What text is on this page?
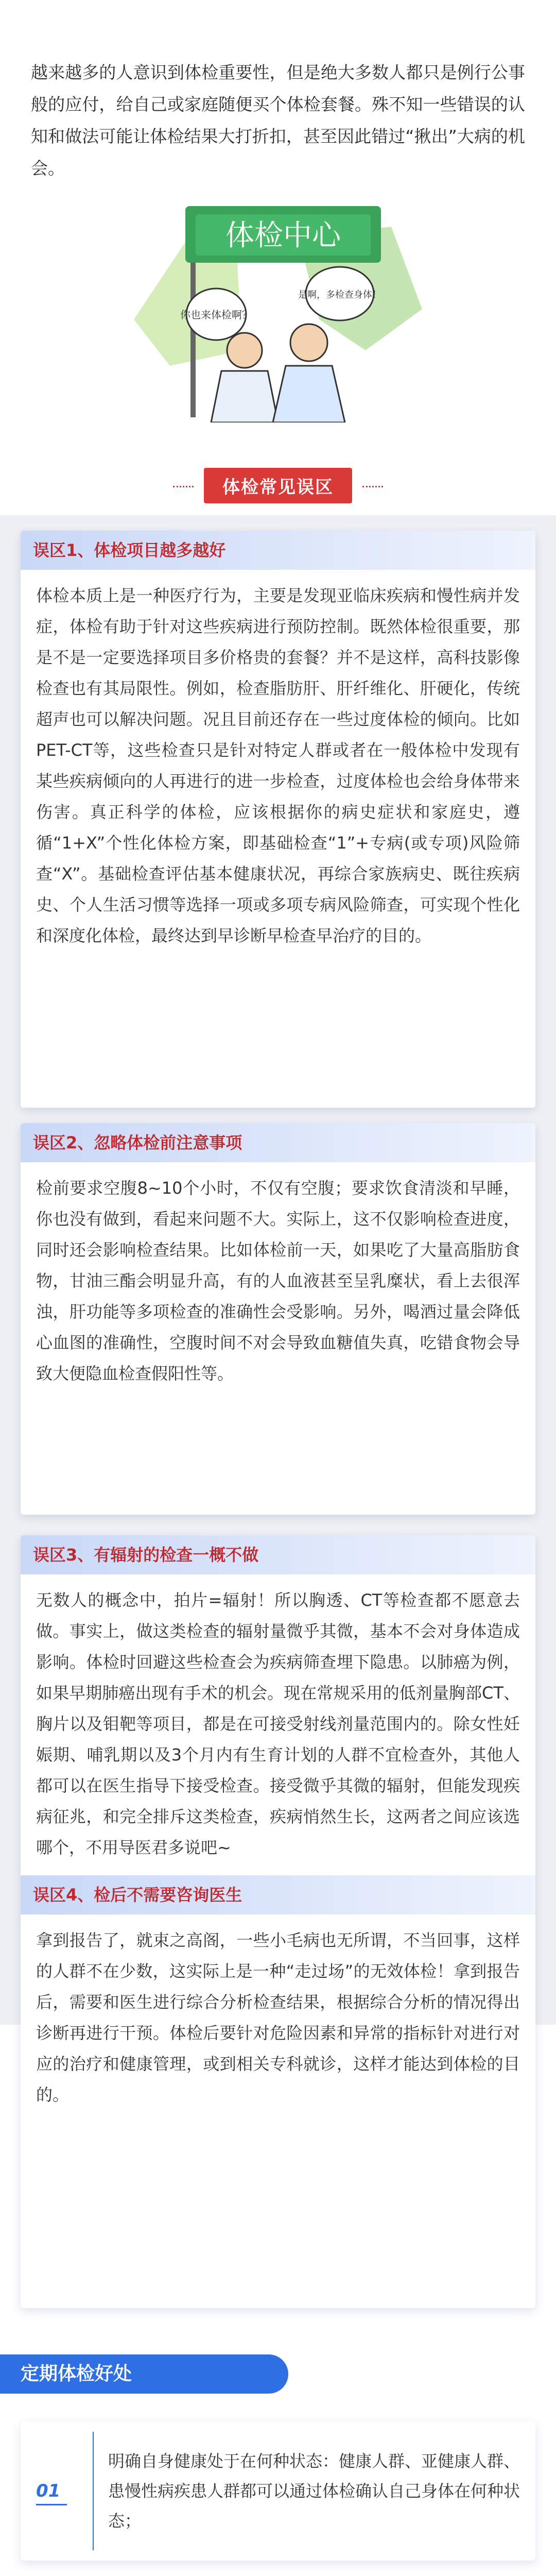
越来越多的人意识到体检重要性，但是绝大多数人都只是例行公事般的应付，给自己或家庭随便买个体检套餐。殊不知一些错误的认知和做法可能让体检结果大打折扣，甚至因此错过“揪出”大病的机会。

体检中心
你也来体检啊？
是啊，多检查身体！
体检常见误区
误区1、体检项目越多越好

体检本质上是一种医疗行为，主要是发现亚临床疾病和慢性病并发症，体检有助于针对这些疾病进行预防控制。既然体检很重要，那是不是一定要选择项目多价格贵的套餐？并不是这样，高科技影像检查也有其局限性。例如，检查脂肪肝、肝纤维化、肝硬化，传统超声也可以解决问题。况且目前还存在一些过度体检的倾向。比如PET-CT等，这些检查只是针对特定人群或者在一般体检中发现有某些疾病倾向的人再进行的进一步检查，过度体检也会给身体带来伤害。真正科学的体检，应该根据你的病史症状和家庭史，遵循“1+X”个性化体检方案，即基础检查“1”+专病(或专项)风险筛查“X”。基础检查评估基本健康状况，再综合家族病史、既往疾病史、个人生活习惯等选择一项或多项专病风险筛查，可实现个性化和深度化体检，最终达到早诊断早检查早治疗的目的。

误区2、忽略体检前注意事项

检前要求空腹8~10个小时，不仅有空腹；要求饮食清淡和早睡，你也没有做到，看起来问题不大。实际上，这不仅影响检查进度，同时还会影响检查结果。比如体检前一天，如果吃了大量高脂肪食物，甘油三酯会明显升高，有的人血液甚至呈乳糜状，看上去很浑浊，肝功能等多项检查的准确性会受影响。另外，喝酒过量会降低心血图的准确性，空腹时间不对会导致血糖值失真，吃错食物会导致大便隐血检查假阳性等。

误区3、有辐射的检查一概不做

无数人的概念中，拍片=辐射！所以胸透、CT等检查都不愿意去做。事实上，做这类检查的辐射量微乎其微，基本不会对身体造成影响。体检时回避这些检查会为疾病筛查埋下隐患。以肺癌为例，如果早期肺癌出现有手术的机会。现在常规采用的低剂量胸部CT、胸片以及钼靶等项目，都是在可接受射线剂量范围内的。除女性妊娠期、哺乳期以及3个月内有生育计划的人群不宜检查外，其他人都可以在医生指导下接受检查。接受微乎其微的辐射，但能发现疾病征兆，和完全排斥这类检查，疾病悄然生长，这两者之间应该选哪个，不用导医君多说吧~

误区4、检后不需要咨询医生

拿到报告了，就束之高阁，一些小毛病也无所谓，不当回事，这样的人群不在少数，这实际上是一种“走过场”的无效体检！拿到报告后，需要和医生进行综合分析检查结果，根据综合分析的情况得出诊断再进行干预。体检后要针对危险因素和异常的指标针对进行对应的治疗和健康管理，或到相关专科就诊，这样才能达到体检的目的。

定期体检好处
01

明确自身健康处于在何种状态：健康人群、亚健康人群、患慢性病疾患人群都可以通过体检确认自己身体在何种状态；
